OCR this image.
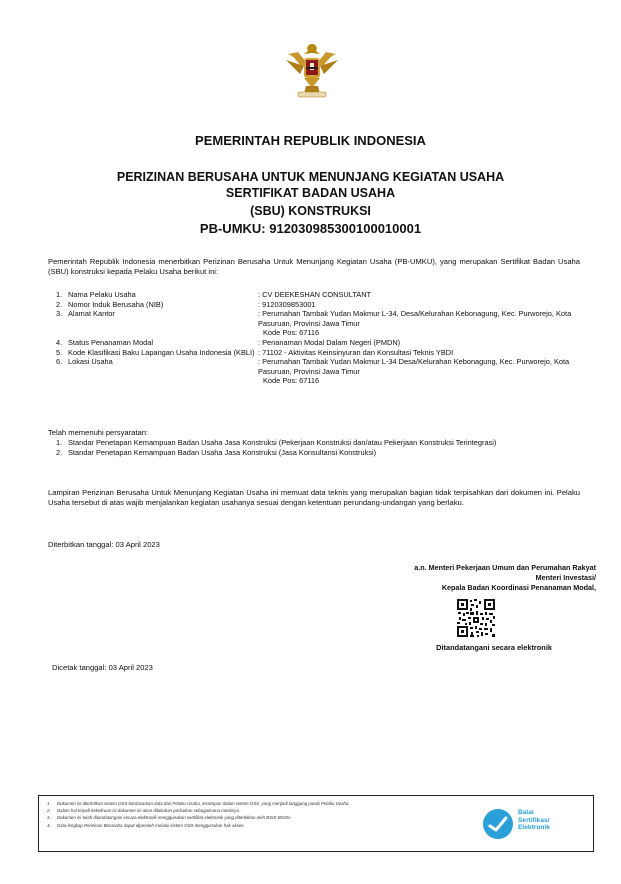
PEMERINTAH REPUBLIK INDONESIA
PERIZINAN BERUSAHA UNTUK MENUNJANG KEGIATAN USAHA
SERTIFIKAT BADAN USAHA
(SBU) KONSTRUKSI
PB-UMKU: 912030985300100010001
Pemerintah Republik Indonesia menerbitkan Perizinan Berusaha Untuk Menunjang Kegiatan Usaha (PB-UMKU), yang merupakan Sertifikat Badan Usaha (SBU) konstruksi kepada Pelaku Usaha berikut ini:
1. Nama Pelaku Usaha	: CV DEEKESHAN CONSULTANT
2. Nomor Induk Berusaha (NIB)	: 9120309853001
3. Alamat Kantor	: Perumahan Tambak Yudan Makmur L-34, Desa/Kelurahan Kebonagung, Kec. Purworejo, Kota Pasuruan, Provinsi Jawa Timur
Kode Pos: 67116
4. Status Penanaman Modal	: Penanaman Modal Dalam Negeri (PMDN)
5. Kode Klasifikasi Baku Lapangan Usaha Indonesia (KBLI) : 71102 - Aktivitas Keinsinyuran dan Konsultasi Teknis YBDI
6. Lokasi Usaha	: Perumahan Tambak Yudan Makmur L-34 Desa/Kelurahan Kebonagung, Kec. Purworejo, Kota Pasuruan, Provinsi Jawa Timur
Kode Pos: 67116
Telah memenuhi persyaratan:
1. Standar Penetapan Kemampuan Badan Usaha Jasa Konstruksi (Pekerjaan Konstruksi dan/atau Pekerjaan Konstruksi Terintegrasi)
2. Standar Penetapan Kemampuan Badan Usaha Jasa Konstruksi (Jasa Konsultansi Konstruksi)
Lampiran Perizinan Berusaha Untuk Menunjang Kegiatan Usaha ini memuat data teknis yang merupakan bagian tidak terpisahkan dari dokumen ini. Pelaku Usaha tersebut di atas wajib menjalankan kegiatan usahanya sesuai dengan ketentuan perundang-undangan yang berlaku.
Diterbitkan tanggal: 03 April 2023
a.n. Menteri Pekerjaan Umum dan Perumahan Rakyat
Menteri Investasi/
Kepala Badan Koordinasi Penanaman Modal,
Ditandatangani secara elektronik
Dicetak tanggal: 03 April 2023
1.	Dokumen ini diterbitkan sistem OSS berdasarkan data dari Pelaku Usaha, tersimpan dalam sistem OSS, yang menjadi tanggung jawab Pelaku Usaha.
2.	Dalam hal terjadi kekeliruan isi dokumen ini akan dilakukan perbaikan sebagaimana mestinya.
3.	Dokumen ini telah ditandatangani secara elektronik menggunakan sertifikat elektronik yang diterbitkan oleh BSrE-BSSN.
4.	Data lengkap Perizinan Berusaha dapat diperoleh melalui sistem OSS menggunakan hak akses.
Balai
Sertifikasi
Elektronik
